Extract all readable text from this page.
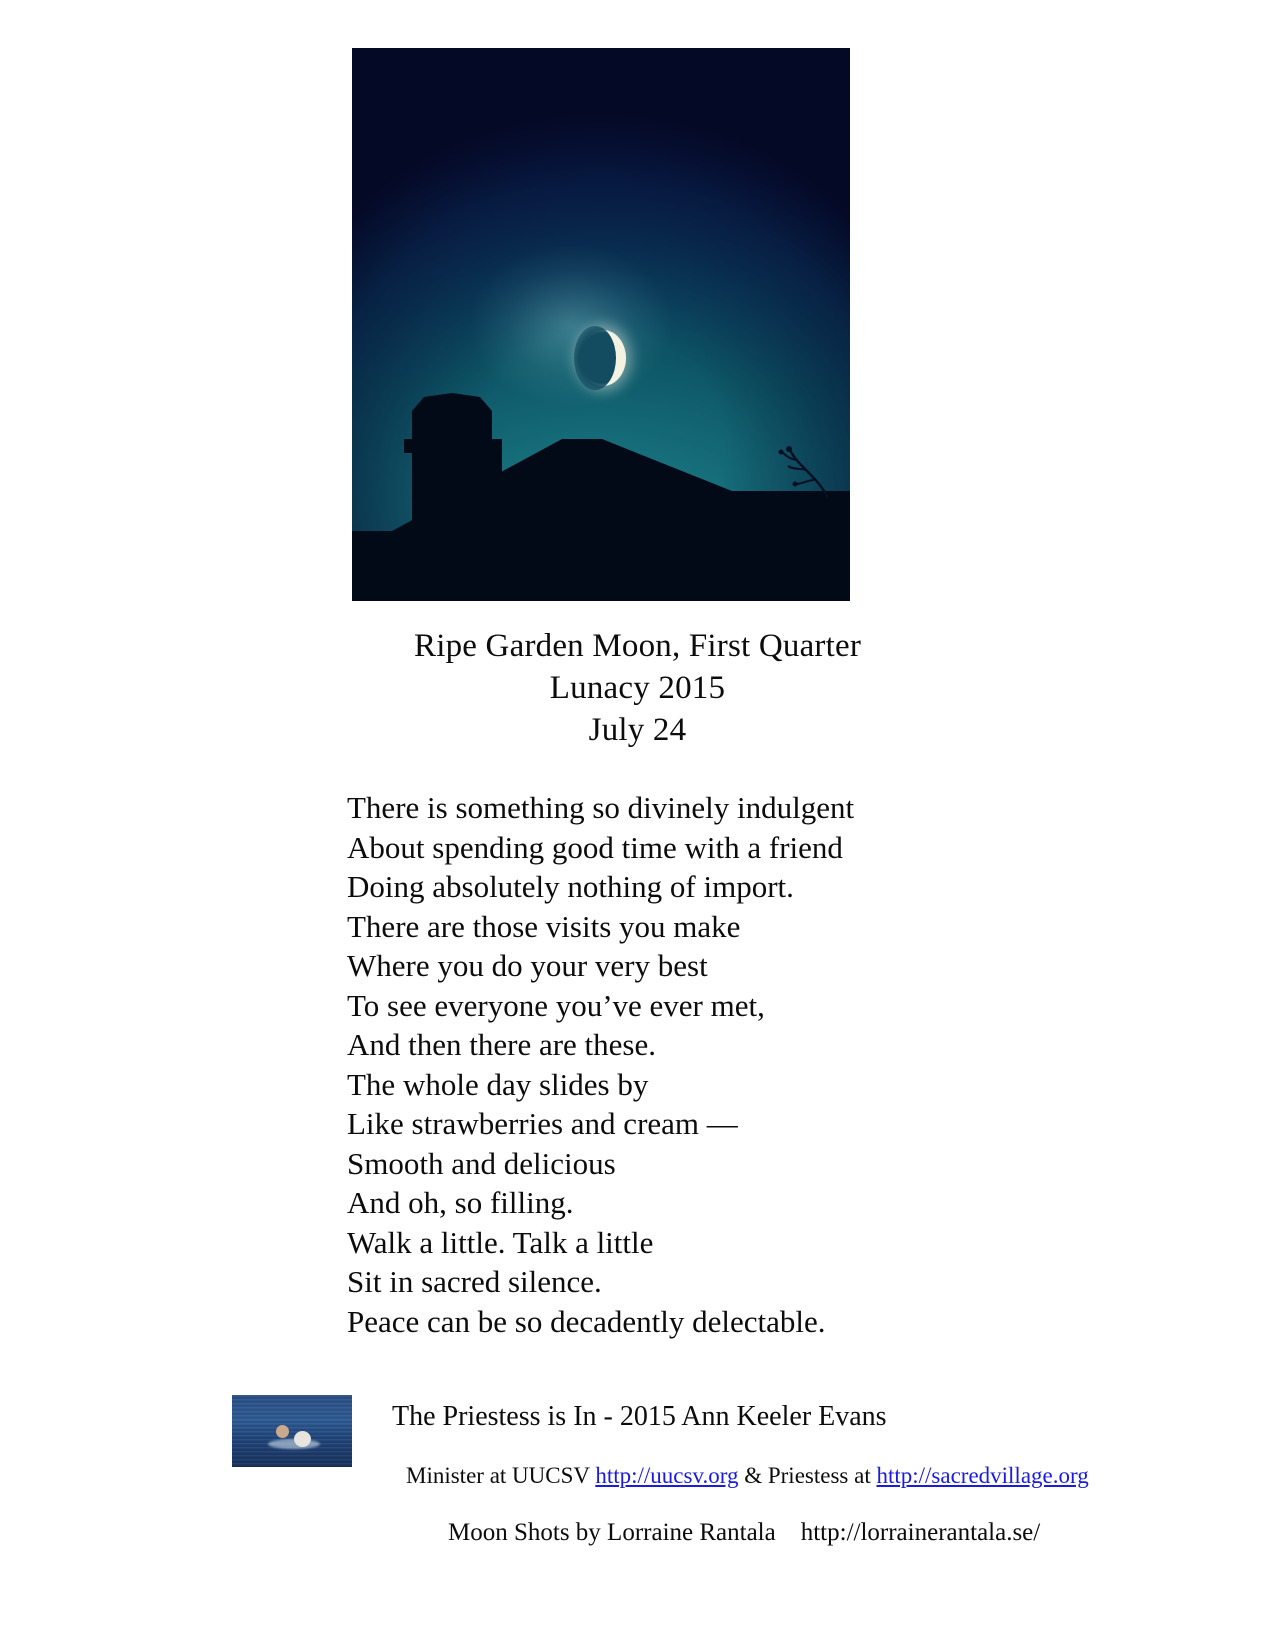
Ripe Garden Moon, First Quarter
Lunacy 2015
July 24
There is something so divinely indulgent
About spending good time with a friend
Doing absolutely nothing of import.
There are those visits you make
Where you do your very best
To see everyone you’ve ever met,
And then there are these.
The whole day slides by
Like strawberries and cream —
Smooth and delicious
And oh, so filling.
Walk a little. Talk a little
Sit in sacred silence.
Peace can be so decadently delectable.
The Priestess is In - 2015 Ann Keeler Evans

Minister at UUCSV http://uucsv.org & Priestess at http://sacredvillage.org

Moon Shots by Lorraine Rantala http://lorrainerantala.se/
